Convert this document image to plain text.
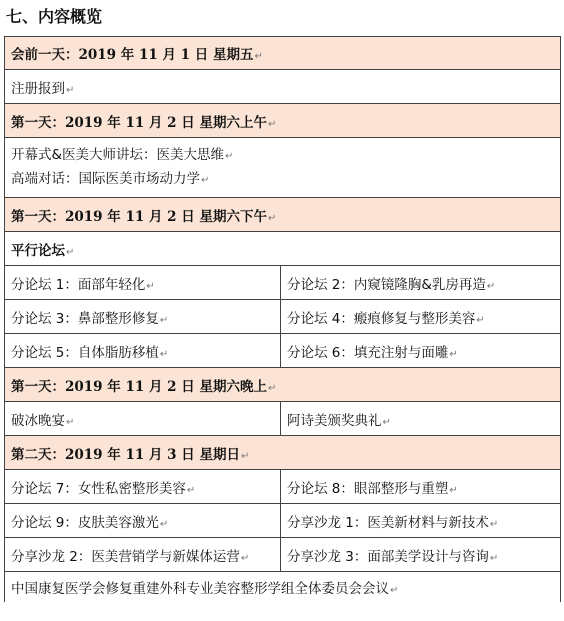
七、内容概览
会前一天：2019 年 11 月 1 日 星期五↵	
注册报到↵	
第一天：2019 年 11 月 2 日 星期六上午↵	

开幕式&医美大师讲坛：医美大思维↵
高端对话：国际医美市场动力学↵	

第一天：2019 年 11 月 2 日 星期六下午↵	
平行论坛↵	
分论坛 1：面部年轻化↵	分论坛 2：内窥镜隆胸&乳房再造↵
分论坛 3：鼻部整形修复↵	分论坛 4：瘢痕修复与整形美容↵
分论坛 5：自体脂肪移植↵	分论坛 6：填充注射与面雕↵
第一天：2019 年 11 月 2 日 星期六晚上↵	
破冰晚宴↵	阿诗美颁奖典礼↵
第二天：2019 年 11 月 3 日 星期日↵	
分论坛 7：女性私密整形美容↵	分论坛 8：眼部整形与重塑↵
分论坛 9：皮肤美容激光↵	分享沙龙 1：医美新材料与新技术↵
分享沙龙 2：医美营销学与新媒体运营↵	分享沙龙 3：面部美学设计与咨询↵
中国康复医学会修复重建外科专业美容整形学组全体委员会会议↵	
